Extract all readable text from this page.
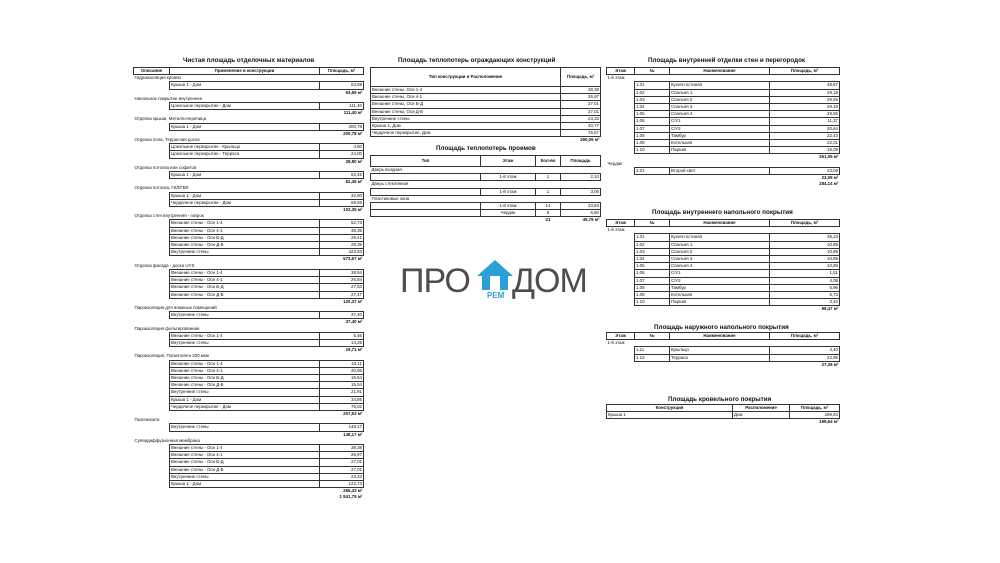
Чистая площадь отделочных материалов
Описание	Применение в конструкции	Площадь, м²
Гидроизоляция кровли		
	Крыша 1 - Дом	63,69
		63,69 м²
Напольное покрытие внутреннее		
	Цокольное перекрытие - Дом	111,40
		111,40 м²
Отделка крыши, Металлочерепица		
	Крыша 1 - Дом	200,78
		200,78 м²
Отделка пола, Террасная доска		
	Цокольное перекрытие - Крыльцо	4,80
	Цокольное перекрытие - Терраса	24,00
		28,80 м²
Отделка потолка или софитов		
	Крыша 1 - Дом	62,45
		62,45 м²
Отделка потолка, ГКЛ/ГВЛ		
	Крыша 1 - Дом	32,80
	Чердачное перекрытие - Дом	69,55
		102,35 м²
Отделка стен внутренняя - гипрок		
	Внешние стены - Оси 1-4	52,73
	Внешние стены - Оси 4-1	38,35
	Внешние стены - Оси Б-Д	29,41
	Внешние стены - Оси Д-Б	29,35
	Внутренние стены	423,83
		573,67 м²
Отделка фасада - доска UYS		
	Внешние стены - Оси 1-4	38,54
	Внешние стены - Оси 4-1	26,84
	Внешние стены - Оси Б-Д	27,53
	Внешние стены - Оси Д-Б	27,47
		120,37 м²
Пароизоляция для влажных помещений		
	Внутренние стены	37,40
		37,40 м²
Пароизоляция фольгированная		
	Внешние стены - Оси 1-4	5,46
	Внутренние стены	14,25
		19,71 м²
Пароизоляция, Полиэтилен 200 мкм		
	Внешние стены - Оси 1-4	23,11
	Внешние стены - Оси 4-1	20,56
	Внешние стены - Оси Б-Д	15,54
	Внешние стены - Оси Д-Б	15,54
	Внутренние стены	21,91
	Крыша 1 - Дом	34,85
	Чердачное перекрытие - Дом	76,02
		207,53 м²
Пыленазата		
	Внутренние стены	148,17
		148,17 м²
Супердиффузионная мембрана		
	Внешние стены - Оси 1-4	38,38
	Внешние стены - Оси 4-1	26,97
	Внешние стены - Оси Б-Д	27,01
	Внешние стены - Оси Д-Б	27,01
	Внутренние стены	23,33
	Крыша 1 - Дом	122,73
		265,43 м²
		1 941,75 м²
Площадь теплопотерь ограждающих конструкций
Тип конструкции и Расположение	Площадь, м²
Внешние стены, Оси 1-4	38,38
Внешние стены, Оси 4-1	26,97
Внешние стены, Оси Б-Д	27,01
Внешние стены, Оси Д-Б	27,01
Внутренние стены	23,33
Крыша 1, Дом	40,77
Чердачное перекрытие, Дом	76,57
	260,05 м²
Площадь теплопотерь проемов
Тип	Этаж	Кол-во	Площадь
Дверь входная			
	1-й этаж	1	2,10
Дверь стеклянная			
	1-й этаж	1	3,06
Пластиковые окна			
	1-й этаж	14	33,83
	Чердак	5	6,80
		21	45,79 м²
Площадь внутренней отделки стен и перегородок
Этаж	№	Наименование	Площадь, м²
1-й этаж			
	1.01	Кухня-гостиная	48,87
	1.02	Спальня 1	29,18
	1.03	Спальня 2	29,65
	1.04	Спальня 3	29,18
	1.05	Спальня 4	29,65
	1.06	С/У1	11,37
	1.07	С/У2	20,64
	1.08	Тамбур	22,43
	1.09	Котельная	22,01
	1.10	Парная	18,09
			261,05 м²
Чердак			
	2.01	Второй свет	23,09
			23,09 м²
			284,14 м²
Площадь внутреннего напольного покрытия
Этаж	№	Наименование	Площадь, м²
1-й этаж			
	1.01	Кухня-гостиная	35,23
	1.02	Спальня 1	10,89
	1.03	Спальня 2	10,89
	1.04	Спальня 3	10,89
	1.05	Спальня 4	10,89
	1.06	С/У1	1,51
	1.07	С/У2	4,08
	1.08	Тамбур	5,96
	1.09	Котельная	5,73
	1.10	Парная	3,42
			99,47 м²
Площадь наружного напольного покрытия
Этаж	№	Наименование	Площадь, м²
1-й этаж			
	1.11	Крыльцо	4,40
	1.12	Терраса	22,96
			27,36 м²
Площадь кровельного покрытия
Конструкция	Расположение	Площадь, м²
Крыша 1	Дом	199,64
		199,64 м²
ПРО РЕМ ДОМ
